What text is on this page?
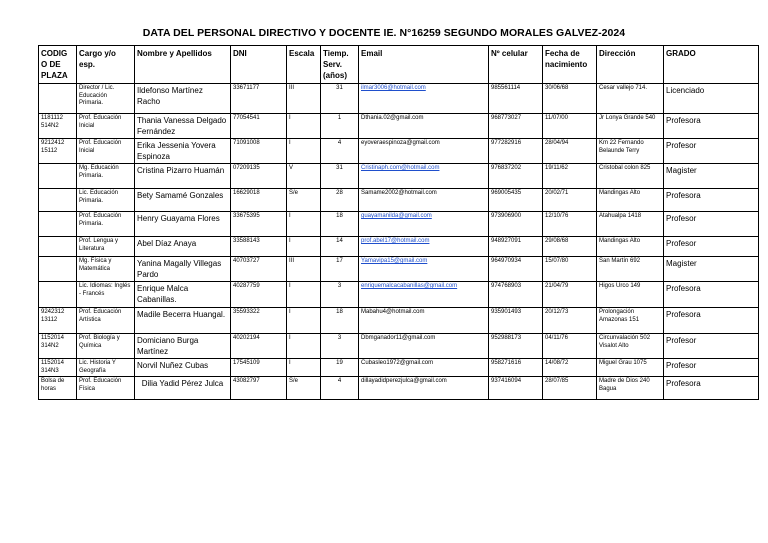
DATA DEL PERSONAL DIRECTIVO Y DOCENTE IE. N°16259 SEGUNDO MORALES GALVEZ-2024
CODIG O DE PLAZA	Cargo y/o esp.	Nombre y Apellidos	DNI	Escala	Tiemp. Serv. (años)	Email	Nº celular	Fecha de nacimiento	Dirección	GRADO
	Director / Lic. Educación Primaria.	Ildefonso Martínez Racho	33671177	III	31	ilmar3006@hotmail.com	985561114	30/06/68	Cesar vallejo 714.	Licenciado
1181112 514N2	Prof. Educación Inicial	Thania Vanessa Delgado Fernández	77054541	I	1	Dthania.02@gmail.com	968773027	11/07/00	Jr Lonya Grande 540	Profesora
9212412 15112	Prof. Educación Inicial	Erika Jessenia Yovera Espinoza	71091008	I	4	eyoveraespinoza@gmail.com	977282916	28/04/94	Km 22 Fernando Belaunde Terry	Profesor
	Mg. Educación Primaria.	Cristina Pizarro Huamán	07209135	V	31	Cristinaph.com@hotmail.com	976837202	19/11/62	Cristobal colon 825	Magister
	Lic. Educación Primaria.	Bety Samamé Gonzales	16629018	S/e	28	Samame2002@hotmail.com	969005435	20/02/71	Mandingas Alto	Profesora
	Prof. Educación Primaria.	Henry Guayama Flores	33675395	I	18	guayamanilda@gmail.com	973906900	12/10/76	Atahualpa 1418	Profesor
	Prof. Lengua y Literatura	Abel Díaz Anaya	33588143	I	14	prof.abel17@hotmail.com	948927091	29/08/68	Mandingas Alto	Profesor
	Mg. Física y Matemática	Yanina Magally Villegas Pardo	40703727	III	17	Yamavipa15@gmail.com	964970934	15/07/80	San Martín 692	Magister
	Lic. Idiomas: Inglés - Francés	Enrique Malca Cabanillas.	40287759	I	3	enriquemalcacabanillas@gmail.com	974768903	21/04/79	Higos Urco 149	Profesora
9242312 13112	Prof. Educación Artística	Madile Becerra Huangal.	35593322	I	18	Mabahu4@hotmail.com	935901493	20/12/73	Prolongación Amazonas 151	Profesora
1152014 314N2	Prof. Biología y Química	Domiciano Burga Martínez	40202194	I	3	Dbmganador11@gmail.com	952988173	04/11/76	Circunvalación 502 Visalot Alto	Profesor
1152014 314N3	Lic. Historia Y Geografía	Norvil Nuñez Cubas	17545109	I	19	Cubasleo1972@gmail.com	958271616	14/08/72	Miguel Grau 1075	Profesor
Bolsa de horas	Prof. Educación Física	Dilia Yadid Pérez Julca	43082797	S/e	4	dillayadidperezjulca@gmail.com	937416094	28/07/85	Madre de Dios 240 Bagua	Profesora
